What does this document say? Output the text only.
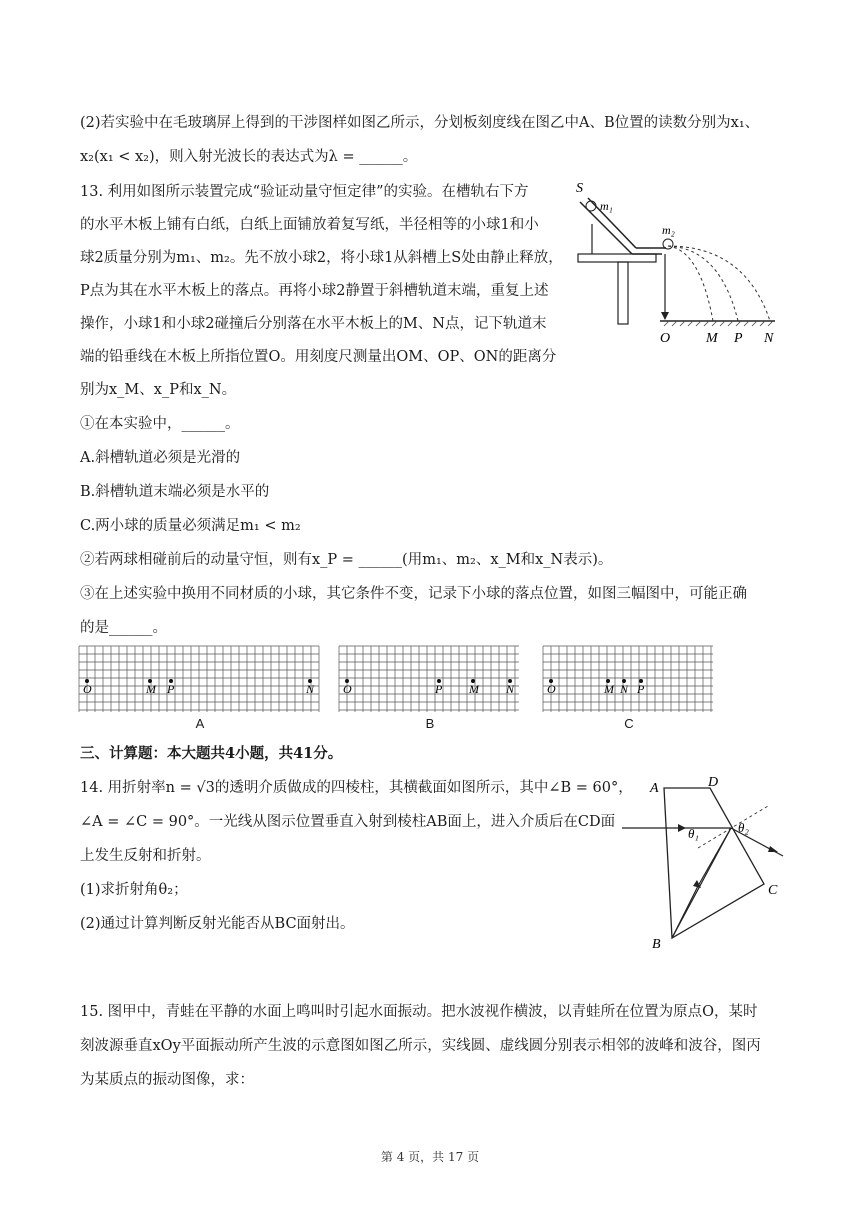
(2)若实验中在毛玻璃屏上得到的干涉图样如图乙所示，分划板刻度线在图乙中A、B位置的读数分别为x₁、
x₂(x₁ < x₂)，则入射光波长的表达式为λ = ______。
13. 利用如图所示装置完成“验证动量守恒定律”的实验。在槽轨右下方
的水平木板上铺有白纸，白纸上面铺放着复写纸，半径相等的小球1和小
球2质量分别为m₁、m₂。先不放小球2，将小球1从斜槽上S处由静止释放，
P点为其在水平木板上的落点。再将小球2静置于斜槽轨道末端，重复上述
操作，小球1和小球2碰撞后分别落在水平木板上的M、N点，记下轨道末
端的铅垂线在木板上所指位置O。用刻度尺测量出OM、OP、ON的距离分
别为x_M、x_P和x_N。
①在本实验中，______。
A.斜槽轨道必须是光滑的
B.斜槽轨道末端必须是水平的
C.两小球的质量必须满足m₁ < m₂
②若两球相碰前后的动量守恒，则有x_P = ______(用m₁、m₂、x_M和x_N表示)。
③在上述实验中换用不同材质的小球，其它条件不变，记录下小球的落点位置，如图三幅图中，可能正确
的是______。
S
m₁
m₂
O	M P N
O	M P	N O	P M N	O	M N P
A	B	C
三、计算题：本大题共4小题，共41分。
14. 用折射率n = √3的透明介质做成的四棱柱，其横截面如图所示，其中∠B = 60°，
∠A = ∠C = 90°。一光线从图示位置垂直入射到棱柱AB面上，进入介质后在CD面
上发生反射和折射。
(1)求折射角θ₂；
(2)通过计算判断反射光能否从BC面射出。
A	D
B
C
θ₁	θ₂
15. 图甲中，青蛙在平静的水面上鸣叫时引起水面振动。把水波视作横波，以青蛙所在位置为原点O，某时
刻波源垂直xOy平面振动所产生波的示意图如图乙所示，实线圆、虚线圆分别表示相邻的波峰和波谷，图丙
为某质点的振动图像，求：
第 4 页，共 17 页
